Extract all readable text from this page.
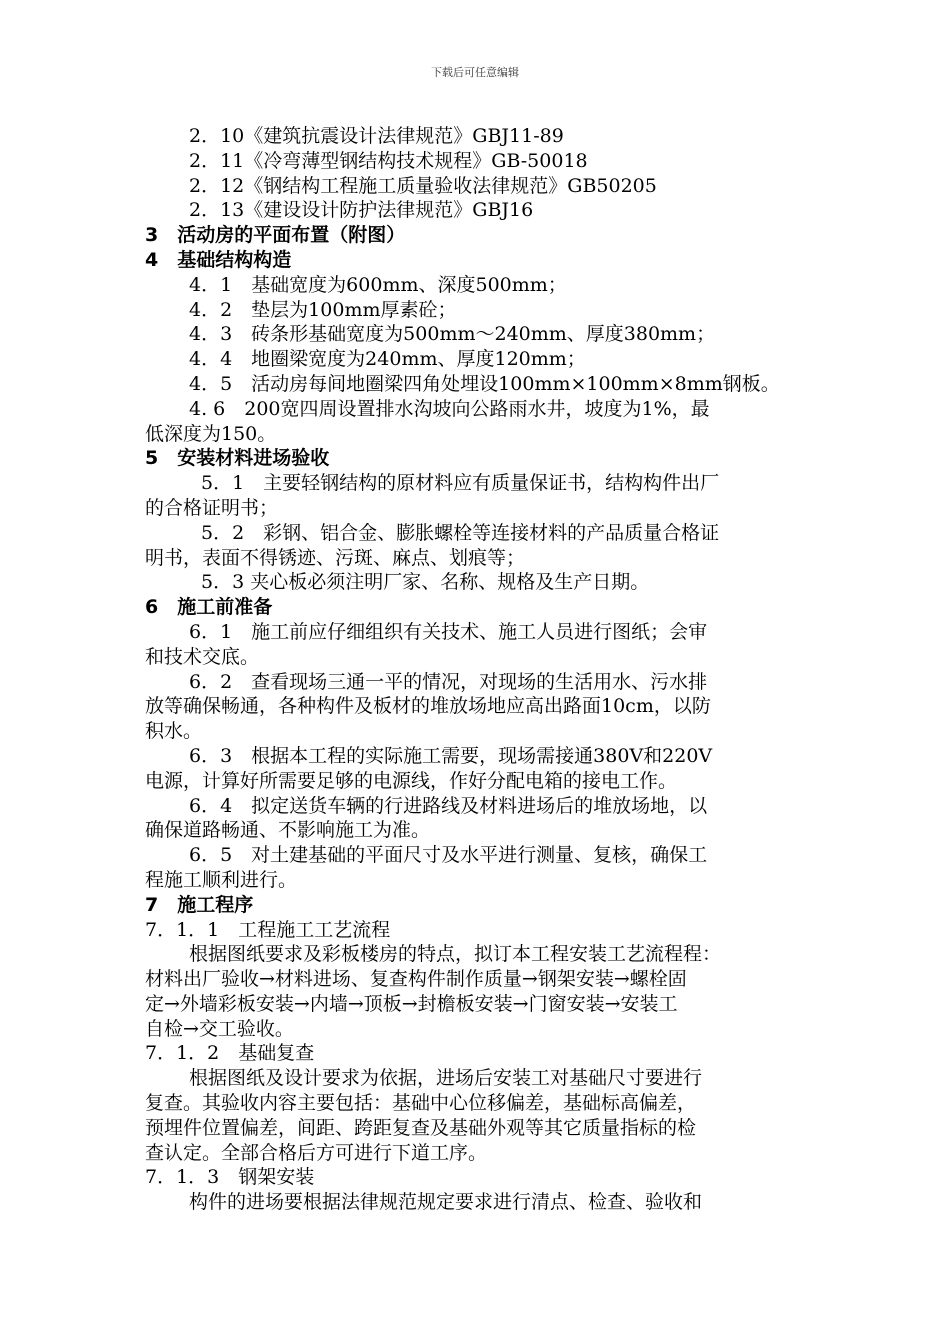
下载后可任意编辑
2．10《建筑抗震设计法律规范》GBJ11-89
2．11《冷弯薄型钢结构技术规程》GB-50018
2．12《钢结构工程施工质量验收法律规范》GB50205
2．13《建设设计防护法律规范》GBJ16
3　活动房的平面布置（附图）
4　基础结构构造
4．1　基础宽度为600mm、深度500mm；
4．2　垫层为100mm厚素砼；
4．3　砖条形基础宽度为500mm～240mm、厚度380mm；
4．4　地圈梁宽度为240mm、厚度120mm；
4．5　活动房每间地圈梁四角处埋设100mm×100mm×8mm钢板。
4. 6　200宽四周设置排水沟坡向公路雨水井，坡度为1%，最
低深度为150。
5　安装材料进场验收
5．1　主要轻钢结构的原材料应有质量保证书，结构构件出厂
的合格证明书；
5．2　彩钢、铝合金、膨胀螺栓等连接材料的产品质量合格证
明书，表面不得锈迹、污斑、麻点、划痕等；
5．3 夹心板必须注明厂家、名称、规格及生产日期。
6　施工前准备
6．1　施工前应仔细组织有关技术、施工人员进行图纸；会审
和技术交底。
6．2　查看现场三通一平的情况，对现场的生活用水、污水排
放等确保畅通，各种构件及板材的堆放场地应高出路面10cm，以防
积水。
6．3　根据本工程的实际施工需要，现场需接通380V和220V
电源，计算好所需要足够的电源线，作好分配电箱的接电工作。
6．4　拟定送货车辆的行进路线及材料进场后的堆放场地，以
确保道路畅通、不影响施工为准。
6．5　对土建基础的平面尺寸及水平进行测量、复核，确保工
程施工顺利进行。
7　施工程序
7．1．1　工程施工工艺流程
根据图纸要求及彩板楼房的特点，拟订本工程安装工艺流程程：
材料出厂验收→材料进场、复查构件制作质量→钢架安装→螺栓固
定→外墙彩板安装→内墙→顶板→封檐板安装→门窗安装→安装工
自检→交工验收。
7．1．2　基础复查
根据图纸及设计要求为依据，进场后安装工对基础尺寸要进行
复查。其验收内容主要包括：基础中心位移偏差，基础标高偏差，
预埋件位置偏差，间距、跨距复查及基础外观等其它质量指标的检
查认定。全部合格后方可进行下道工序。
7．1．3　钢架安装
构件的进场要根据法律规范规定要求进行清点、检查、验收和
